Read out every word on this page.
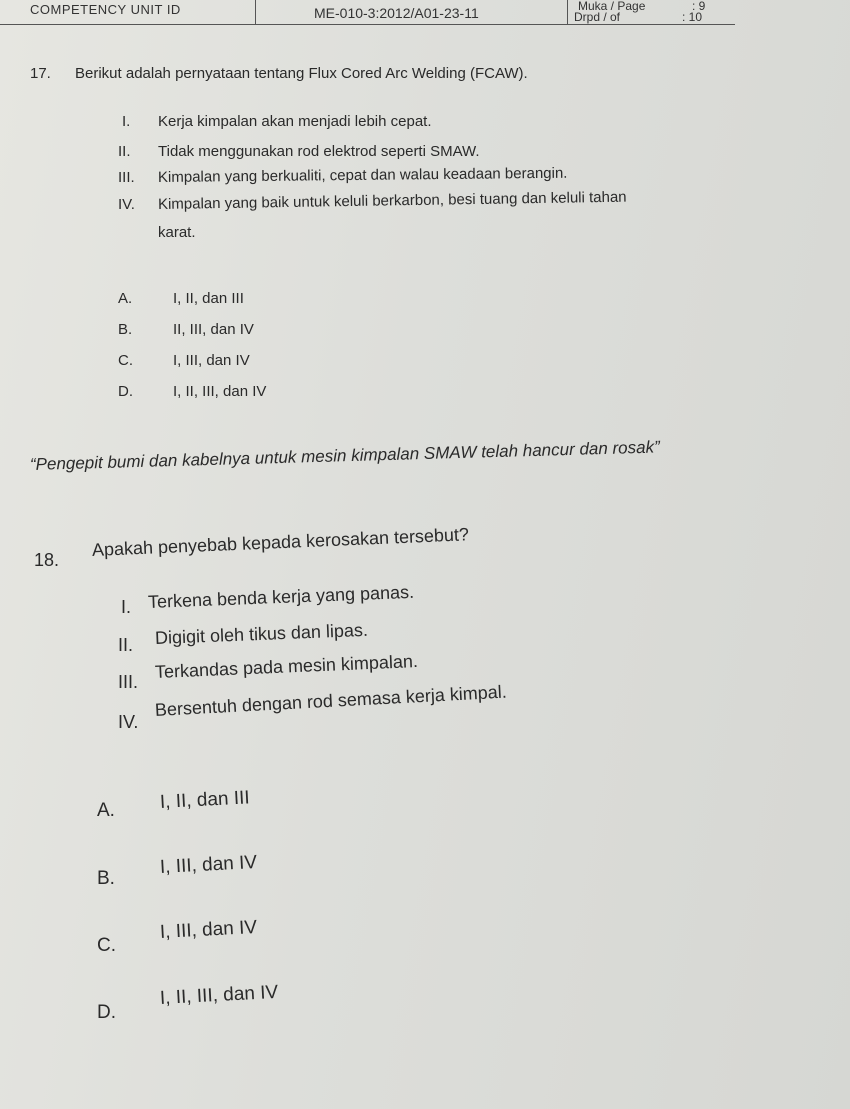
COMPETENCY UNIT ID	ME-010-3:2012/A01-23-11	Muka / Page	: 9
Drpd / of	: 10
17. Berikut adalah pernyataan tentang Flux Cored Arc Welding (FCAW).
I. Kerja kimpalan akan menjadi lebih cepat.
II. Tidak menggunakan rod elektrod seperti SMAW.
III. Kimpalan yang berkualiti, cepat dan walau keadaan berangin.
IV. Kimpalan yang baik untuk keluli berkarbon, besi tuang dan keluli tahan
karat.
A.	I, II, dan III
B.	II, III, dan IV
C.	I, III, dan IV
D.	I, II, III, dan IV
“Pengepit bumi dan kabelnya untuk mesin kimpalan SMAW telah hancur dan rosak”
18.
Apakah penyebab kepada kerosakan tersebut?
I. Terkena benda kerja yang panas.
II. Digigit oleh tikus dan lipas.
III.
Terkandas pada mesin kimpalan.
IV.
Bersentuh dengan rod semasa kerja kimpal.
A. I, II, dan III
B.
I, III, dan IV
C.
I, III, dan IV
D.
I, II, III, dan IV
